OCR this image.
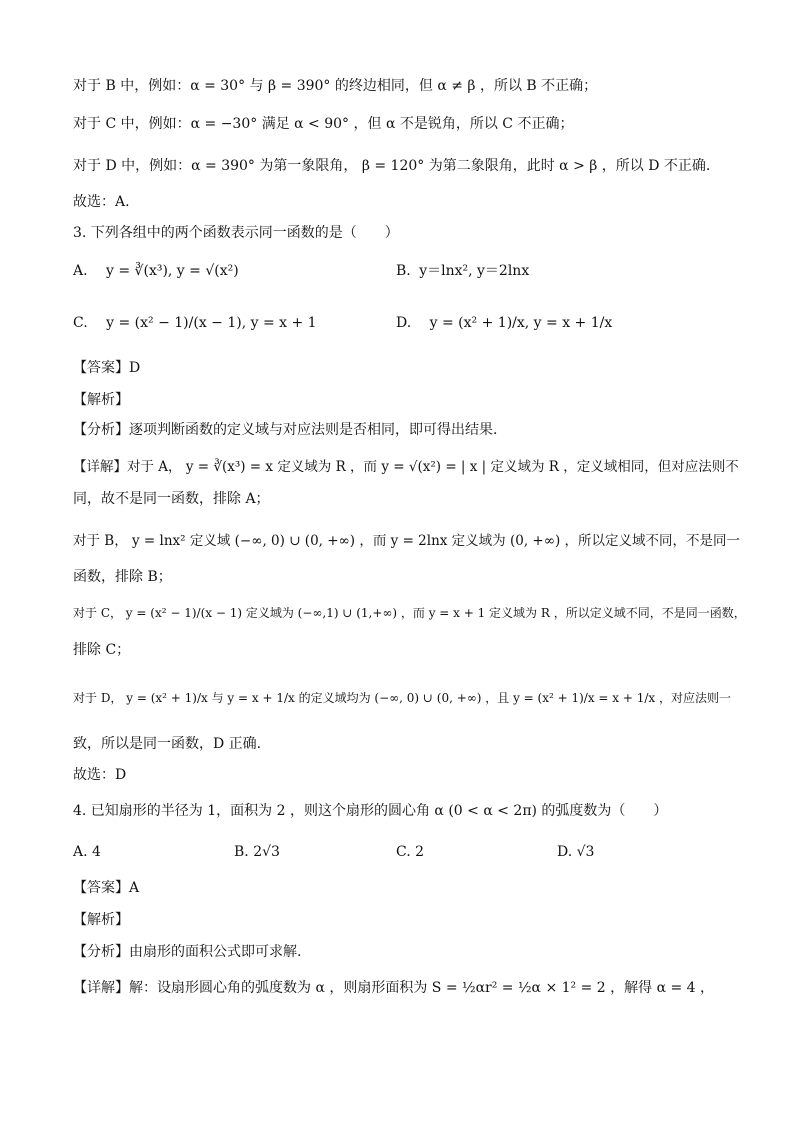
对于 B 中，例如：α = 30° 与 β = 390° 的终边相同，但 α ≠ β ，所以 B 不正确；
对于 C 中，例如：α = −30° 满足 α < 90° ，但 α 不是锐角，所以 C 不正确；
对于 D 中，例如：α = 390° 为第一象限角， β = 120° 为第二象限角，此时 α > β ，所以 D 不正确.
故选：A.
3. 下列各组中的两个函数表示同一函数的是（　　）
A. y = ∛(x³), y = √(x²)	B. y＝lnx², y＝2lnx
C. y = (x² − 1)/(x − 1), y = x + 1	D. y = (x² + 1)/x, y = x + 1/x
【答案】D
【解析】
【分析】逐项判断函数的定义域与对应法则是否相同，即可得出结果.
【详解】对于 A， y = ∛(x³) = x 定义域为 R ，而 y = √(x²) = | x | 定义域为 R ，定义域相同，但对应法则不
同，故不是同一函数，排除 A；
对于 B， y = lnx² 定义域 (−∞, 0) ∪ (0, +∞) ，而 y = 2lnx 定义域为 (0, +∞) ，所以定义域不同，不是同一
函数，排除 B；
对于 C， y = (x² − 1)/(x − 1) 定义域为 (−∞,1) ∪ (1,+∞) ，而 y = x + 1 定义域为 R ，所以定义域不同，不是同一函数，
排除 C；
对于 D， y = (x² + 1)/x 与 y = x + 1/x 的定义域均为 (−∞, 0) ∪ (0, +∞) ，且 y = (x² + 1)/x = x + 1/x ，对应法则一
致，所以是同一函数，D 正确.
故选：D
4. 已知扇形的半径为 1，面积为 2 ，则这个扇形的圆心角 α (0 < α < 2π) 的弧度数为（　　）
A. 4	B. 2√3	C. 2	D. √3
【答案】A
【解析】
【分析】由扇形的面积公式即可求解.
【详解】解：设扇形圆心角的弧度数为 α ，则扇形面积为 S = ½αr² = ½α × 1² = 2 ，解得 α = 4 ，
